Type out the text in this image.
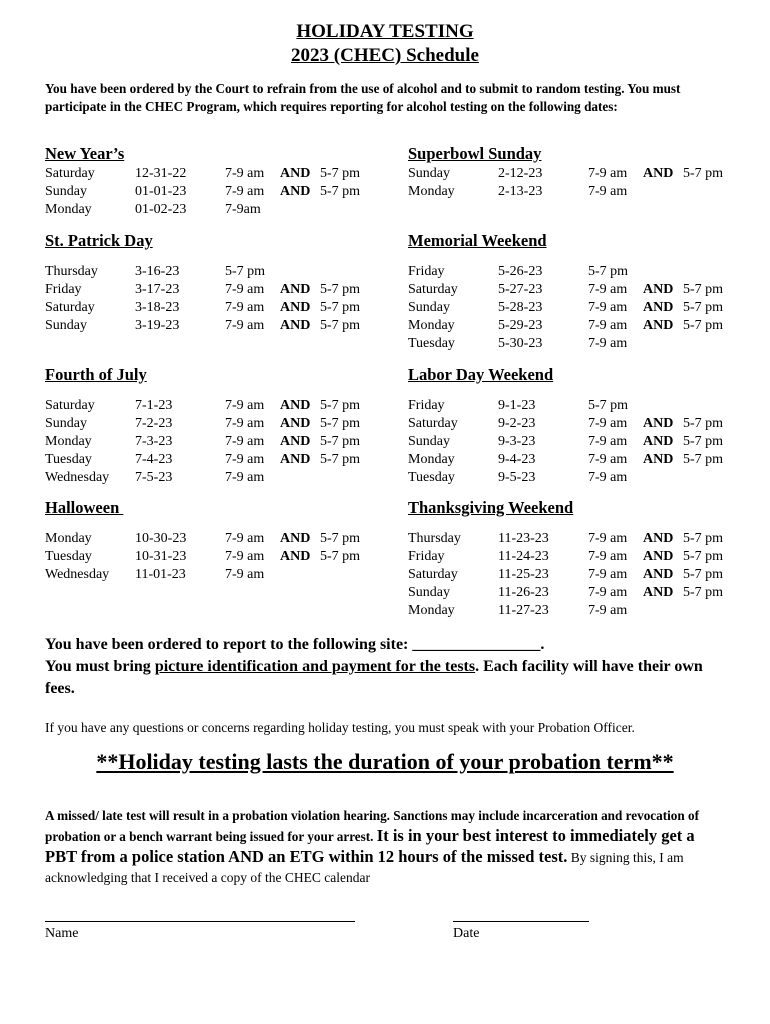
HOLIDAY TESTING
2023 (CHEC) Schedule
You have been ordered by the Court to refrain from the use of alcohol and to submit to random testing. You must participate in the CHEC Program, which requires reporting for alcohol testing on the following dates:
New Year’s
Saturday	12-31-22	7-9 am AND 5-7 pm
Sunday	01-01-23	7-9 am AND 5-7 pm
Monday	01-02-23	7-9am
Superbowl Sunday
Sunday	2-12-23	7-9 am AND 5-7 pm
Monday	2-13-23	7-9 am
St. Patrick Day
Thursday	3-16-23	5-7 pm
Friday	3-17-23	7-9 am AND 5-7 pm
Saturday	3-18-23	7-9 am AND 5-7 pm
Sunday	3-19-23	7-9 am AND 5-7 pm
Memorial Weekend
Friday	5-26-23	5-7 pm
Saturday	5-27-23	7-9 am AND 5-7 pm
Sunday	5-28-23	7-9 am AND 5-7 pm
Monday	5-29-23	7-9 am AND 5-7 pm
Tuesday	5-30-23	7-9 am
Fourth of July
Saturday	7-1-23	7-9 am AND 5-7 pm
Sunday	7-2-23	7-9 am AND 5-7 pm
Monday	7-3-23	7-9 am AND 5-7 pm
Tuesday	7-4-23	7-9 am AND 5-7 pm
Wednesday 7-5-23	7-9 am
Labor Day Weekend
Friday	9-1-23	5-7 pm
Saturday	9-2-23	7-9 am AND 5-7 pm
Sunday	9-3-23	7-9 am AND 5-7 pm
Monday	9-4-23	7-9 am AND 5-7 pm
Tuesday	9-5-23	7-9 am
Halloween
Monday	10-30-23	7-9 am AND 5-7 pm
Tuesday	10-31-23	7-9 am AND 5-7 pm
Wednesday 11-01-23	7-9 am
Thanksgiving Weekend
Thursday	11-23-23	7-9 am AND 5-7 pm
Friday	11-24-23	7-9 am AND 5-7 pm
Saturday	11-25-23	7-9 am AND 5-7 pm
Sunday	11-26-23	7-9 am AND 5-7 pm
Monday	11-27-23	7-9 am
You have been ordered to report to the following site: ________________.
You must bring picture identification and payment for the tests. Each facility will have their own fees.
If you have any questions or concerns regarding holiday testing, you must speak with your Probation Officer.
**Holiday testing lasts the duration of your probation term**
A missed/ late test will result in a probation violation hearing. Sanctions may include incarceration and revocation of probation or a bench warrant being issued for your arrest. It is in your best interest to immediately get a PBT from a police station AND an ETG within 12 hours of the missed test. By signing this, I am acknowledging that I received a copy of the CHEC calendar
Name	Date
